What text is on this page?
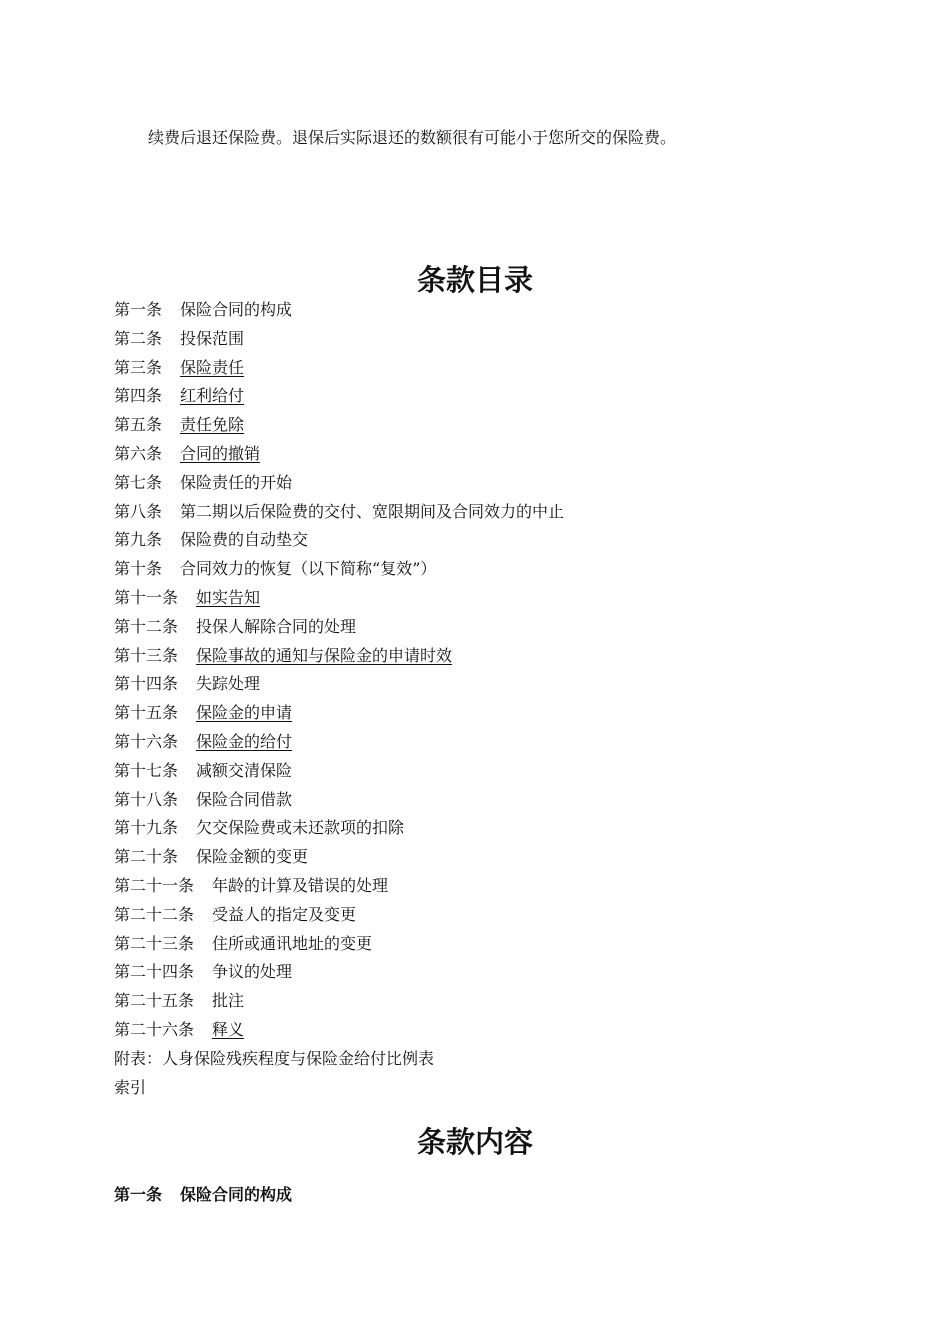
续费后退还保险费。退保后实际退还的数额很有可能小于您所交的保险费。
条款目录
第一条 保险合同的构成
第二条 投保范围
第三条 保险责任
第四条 红利给付
第五条 责任免除
第六条 合同的撤销
第七条 保险责任的开始
第八条 第二期以后保险费的交付、宽限期间及合同效力的中止
第九条 保险费的自动垫交
第十条 合同效力的恢复（以下简称“复效”）
第十一条 如实告知
第十二条 投保人解除合同的处理
第十三条 保险事故的通知与保险金的申请时效
第十四条 失踪处理
第十五条 保险金的申请
第十六条 保险金的给付
第十七条 减额交清保险
第十八条 保险合同借款
第十九条 欠交保险费或未还款项的扣除
第二十条 保险金额的变更
第二十一条 年龄的计算及错误的处理
第二十二条 受益人的指定及变更
第二十三条 住所或通讯地址的变更
第二十四条 争议的处理
第二十五条 批注
第二十六条 释义
附表：人身保险残疾程度与保险金给付比例表
索引
条款内容
第一条 保险合同的构成
